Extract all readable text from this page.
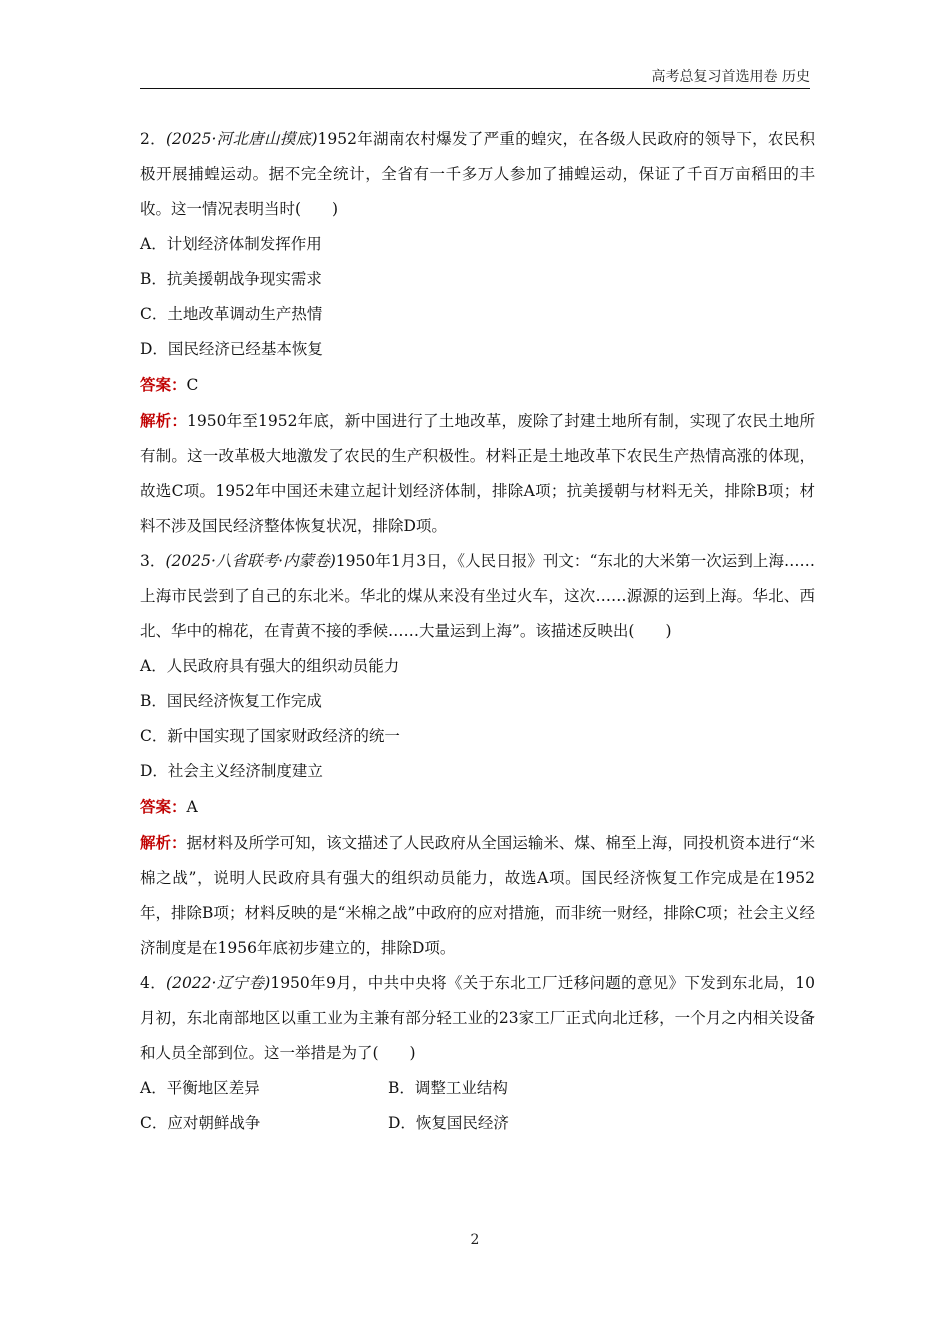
高考总复习首选用卷 历史

2．(2025·河北唐山摸底)1952年湖南农村爆发了严重的蝗灾，在各级人民政府的领导下，农民积极开展捕蝗运动。据不完全统计，全省有一千多万人参加了捕蝗运动，保证了千百万亩稻田的丰收。这一情况表明当时(　　)

A．计划经济体制发挥作用

B．抗美援朝战争现实需求

C．土地改革调动生产热情

D．国民经济已经基本恢复

答案：C

解析：1950年至1952年底，新中国进行了土地改革，废除了封建土地所有制，实现了农民土地所有制。这一改革极大地激发了农民的生产积极性。材料正是土地改革下农民生产热情高涨的体现，故选C项。1952年中国还未建立起计划经济体制，排除A项；抗美援朝与材料无关，排除B项；材料不涉及国民经济整体恢复状况，排除D项。

3．(2025·八省联考·内蒙卷)1950年1月3日，《人民日报》刊文：“东北的大米第一次运到上海……上海市民尝到了自己的东北米。华北的煤从来没有坐过火车，这次……源源的运到上海。华北、西北、华中的棉花，在青黄不接的季候……大量运到上海”。该描述反映出(　　)

A．人民政府具有强大的组织动员能力

B．国民经济恢复工作完成

C．新中国实现了国家财政经济的统一

D．社会主义经济制度建立

答案：A

解析：据材料及所学可知，该文描述了人民政府从全国运输米、煤、棉至上海，同投机资本进行“米棉之战”，说明人民政府具有强大的组织动员能力，故选A项。国民经济恢复工作完成是在1952年，排除B项；材料反映的是“米棉之战”中政府的应对措施，而非统一财经，排除C项；社会主义经济制度是在1956年底初步建立的，排除D项。

4．(2022·辽宁卷)1950年9月，中共中央将《关于东北工厂迁移问题的意见》下发到东北局，10月初，东北南部地区以重工业为主兼有部分轻工业的23家工厂正式向北迁移，一个月之内相关设备和人员全部到位。这一举措是为了(　　)

A．平衡地区差异	B．调整工业结构

C．应对朝鲜战争	D．恢复国民经济

2
